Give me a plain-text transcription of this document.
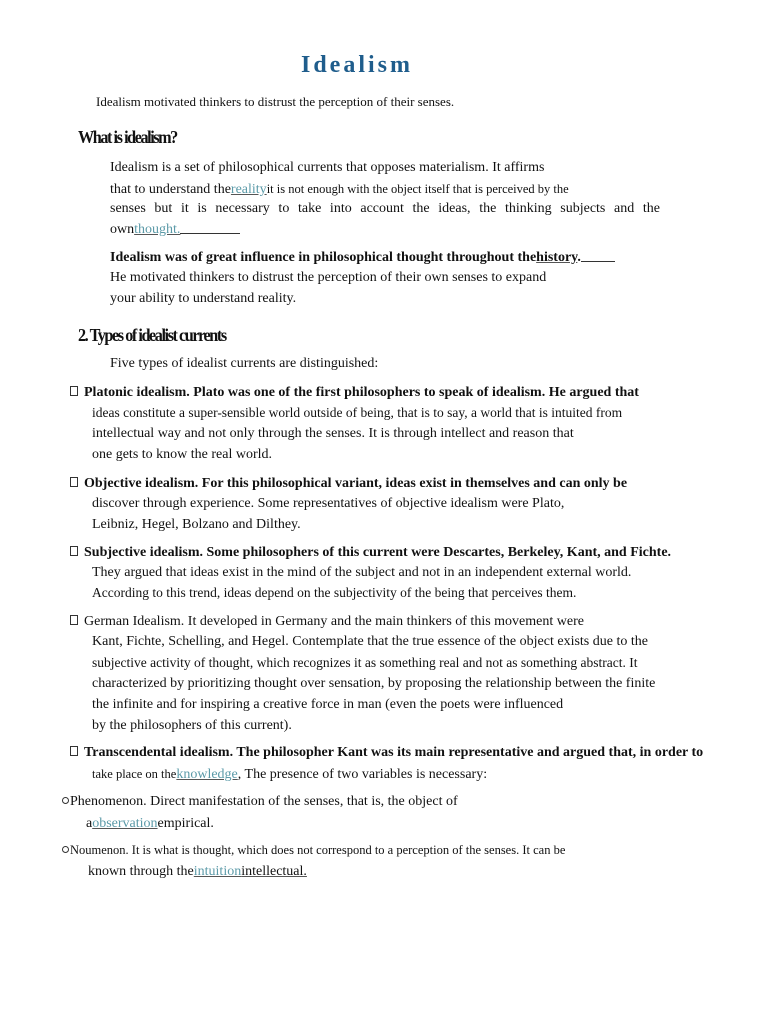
Idealism
Idealism motivated thinkers to distrust the perception of their senses.
What is idealism?
Idealism is a set of philosophical currents that opposes materialism. It affirms
that to understand therealityit is not enough with the object itself that is perceived by the
senses but it is necessary to take into account the ideas, the thinking subjects and the
ownthought.
Idealism was of great influence in philosophical thought throughout thehistory.
He motivated thinkers to distrust the perception of their own senses to expand
your ability to understand reality.
2. Types of idealist currents
Five types of idealist currents are distinguished:
Platonic idealism. Plato was one of the first philosophers to speak of idealism. He argued that
ideas constitute a super-sensible world outside of being, that is to say, a world that is intuited from
intellectual way and not only through the senses. It is through intellect and reason that
one gets to know the real world.
Objective idealism. For this philosophical variant, ideas exist in themselves and can only be
discover through experience. Some representatives of objective idealism were Plato,
Leibniz, Hegel, Bolzano and Dilthey.
Subjective idealism. Some philosophers of this current were Descartes, Berkeley, Kant, and Fichte.
They argued that ideas exist in the mind of the subject and not in an independent external world.
According to this trend, ideas depend on the subjectivity of the being that perceives them.
German Idealism. It developed in Germany and the main thinkers of this movement were
Kant, Fichte, Schelling, and Hegel. Contemplate that the true essence of the object exists due to the
subjective activity of thought, which recognizes it as something real and not as something abstract. It
characterized by prioritizing thought over sensation, by proposing the relationship between the finite
the infinite and for inspiring a creative force in man (even the poets were influenced
by the philosophers of this current).
Transcendental idealism. The philosopher Kant was its main representative and argued that, in order to
take place on theknowledge, The presence of two variables is necessary:
Phenomenon. Direct manifestation of the senses, that is, the object of
aobservationempirical.
Noumenon. It is what is thought, which does not correspond to a perception of the senses. It can be
known through theintuitionintellectual.
